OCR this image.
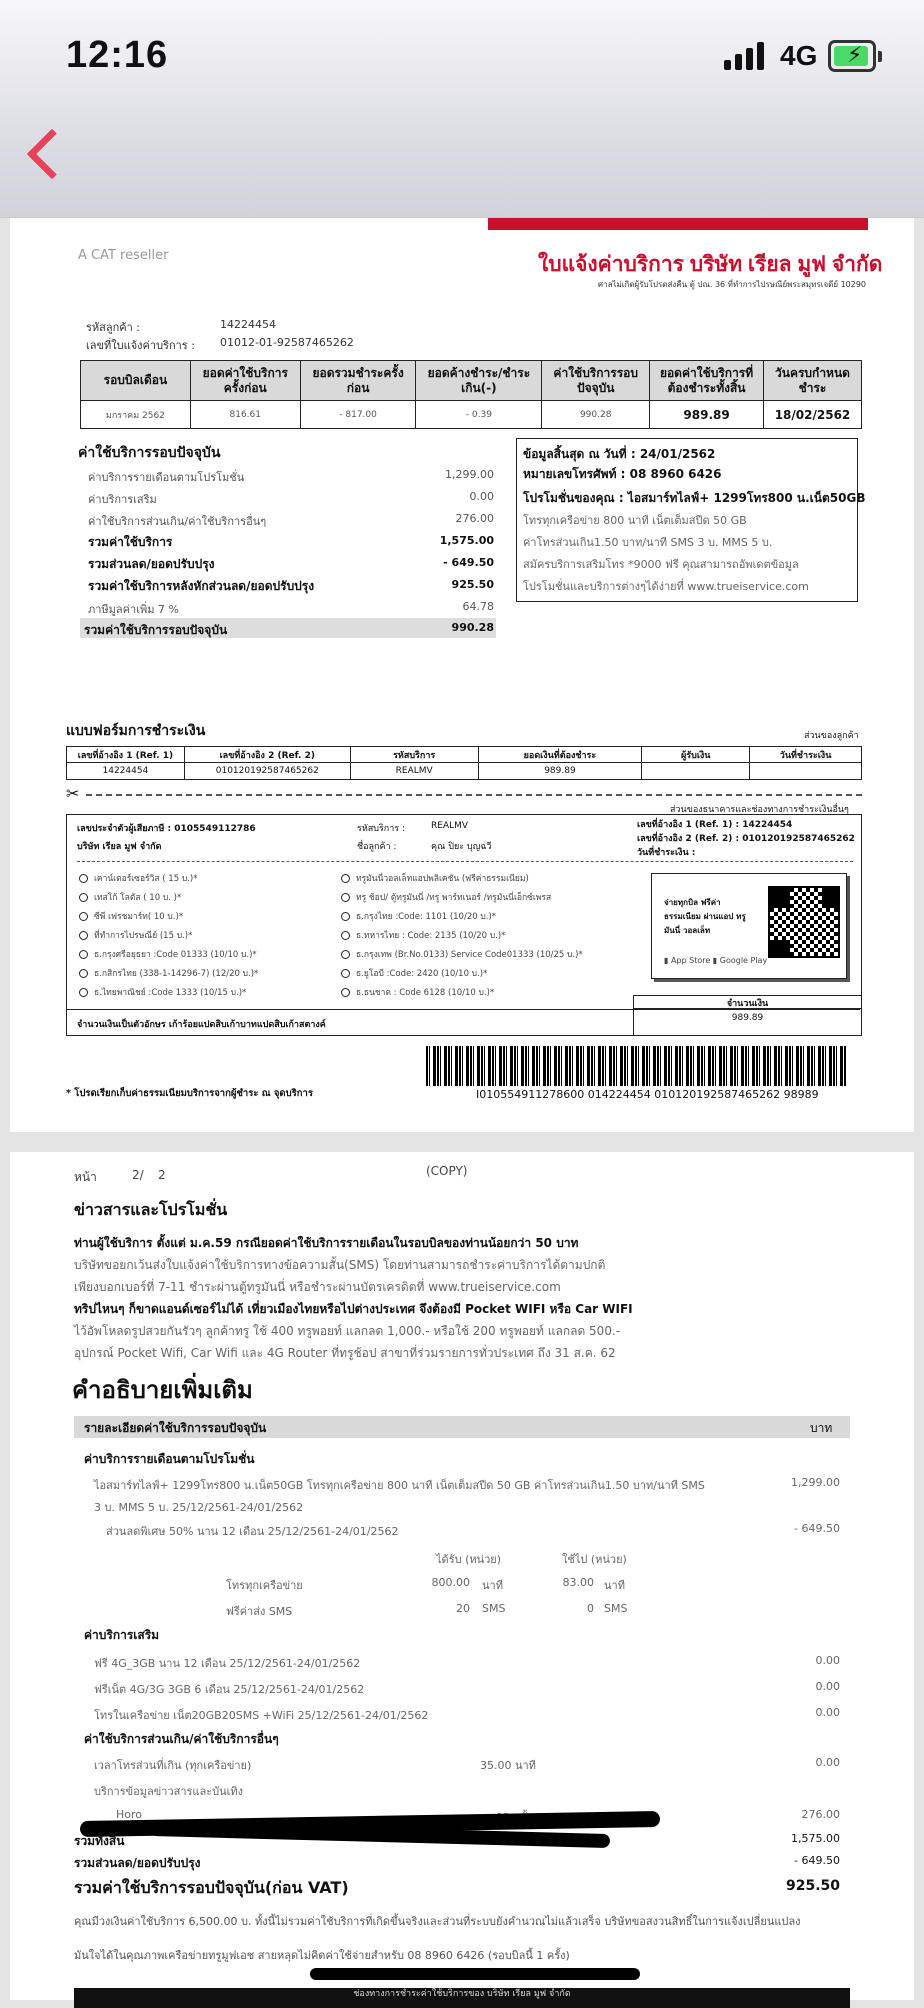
12:16	4G ⚡
A CAT reseller	ใบแจ้งค่าบริการ บริษัท เรียล มูฟ จำกัด
ศาลไม่เกิดผู้รับโปรดส่งคืน ตู้ ปณ. 36 ที่ทำการไปรษณีย์พระสมุทรเจดีย์ 10290
รหัสลูกค้า :	14224454
เลขที่ใบแจ้งค่าบริการ : 01012-01-92587465262
รอบบิลเดือน	ยอดค่าใช้บริการครั้งก่อน	ยอดรวมชำระครั้งก่อน	ยอดค้างชำระ/ชำระเกิน(-)	ค่าใช้บริการรอบปัจจุบัน	ยอดค่าใช้บริการที่ต้องชำระทั้งสิ้น	วันครบกำหนดชำระ
มกราคม 2562	816.61	- 817.00	- 0.39	990.28	989.89	18/02/2562
ค่าใช้บริการรอบปัจจุบัน
ค่าบริการรายเดือนตามโปรโมชั่น	1,299.00
ค่าบริการเสริม	0.00
ค่าใช้บริการส่วนเกิน/ค่าใช้บริการอื่นๆ	276.00
รวมค่าใช้บริการ	1,575.00
รวมส่วนลด/ยอดปรับปรุง	- 649.50
รวมค่าใช้บริการหลังหักส่วนลด/ยอดปรับปรุง	925.50
ภาษีมูลค่าเพิ่ม 7 %	64.78
รวมค่าใช้บริการรอบปัจจุบัน	990.28
ข้อมูลสิ้นสุด ณ วันที่ : 24/01/2562
หมายเลขโทรศัพท์ : 08 8960 6426
โปรโมชั่นของคุณ : ไอสมาร์ทไลฟ์+ 1299โทร800 น.เน็ต50GB
โทรทุกเครือข่าย 800 นาที เน็ตเต็มสปีด 50 GB
ค่าโทรส่วนเกิน1.50 บาท/นาที SMS 3 บ. MMS 5 บ.
สมัครบริการเสริมโทร *9000 ฟรี คุณสามารถอัพเดตข้อมูล
โปรโมชั่นและบริการต่างๆได้ง่ายที่ www.trueiservice.com
แบบฟอร์มการชำระเงิน	ส่วนของลูกค้า
เลขที่อ้างอิง 1 (Ref. 1)	เลขที่อ้างอิง 2 (Ref. 2)	รหัสบริการ	ยอดเงินที่ต้องชำระ	ผู้รับเงิน	วันที่ชำระเงิน
14224454	010120192587465262	REALMV	989.89		
✂
ส่วนของธนาคารและช่องทางการชำระเงินอื่นๆ
เลขประจำตัวผู้เสียภาษี : 0105549112786
บริษัท เรียล มูฟ จำกัด
รหัสบริการ :	REALMV
ชื่อลูกค้า :	คุณ ปิยะ บุญฉวี
เลขที่อ้างอิง 1 (Ref. 1) : 14224454
เลขที่อ้างอิง 2 (Ref. 2) : 010120192587465262
วันที่ชำระเงิน :
เคาน์เตอร์เซอร์วิส ( 15 บ.)*
เทสโก้ โลตัส ( 10 บ. )*
ซีพี เฟรชมาร์ท( 10 บ.)*
ที่ทำการไปรษณีย์ (15 บ.)*
ธ.กรุงศรีอยุธยา :Code 01333 (10/10 บ.)*
ธ.กสิกรไทย (338-1-14296-7) (12/20 บ.)*
ธ.ไทยพาณิชย์ :Code 1333 (10/15 บ.)*
ทรูมันนี่วอลเล็ทแอปพลิเคชัน (ฟรีค่าธรรมเนียม)
ทรู ช้อป/ ตู้ทรูมันนี่ /ทรู พาร์ทเนอร์ /ทรูมันนี่เอ็กซ์เพรส
ธ.กรุงไทย :Code: 1101 (10/20 บ.)*
ธ.ทหารไทย : Code: 2135 (10/20 บ.)*
ธ.กรุงเทพ (Br.No.0133) Service Code01333 (10/25 บ.)*
ธ.ยูโอบี :Code: 2420 (10/10 บ.)*
ธ.ธนชาต : Code 6128 (10/10 บ.)*
จ่ายทุกบิล ฟรีค่าธรรมเนียม ผ่านแอป ทรูมันนี่ วอลเล็ท
▮ App Store ▮ Google Play
จำนวนเงินเป็นตัวอักษร เก้าร้อยแปดสิบเก้าบาทแปดสิบเก้าสตางค์
จำนวนเงิน
989.89
* โปรดเรียกเก็บค่าธรรมเนียมบริการจากผู้ชำระ ณ จุดบริการ	I010554911278600 014224454 010120192587465262 98989
หน้า	2/ 2	(COPY)
ข่าวสารและโปรโมชั่น
ท่านผู้ใช้บริการ ตั้งแต่ ม.ค.59 กรณียอดค่าใช้บริการรายเดือนในรอบบิลของท่านน้อยกว่า 50 บาท
บริษัทขอยกเว้นส่งใบแจ้งค่าใช้บริการทางข้อความสั้น(SMS) โดยท่านสามารถชำระค่าบริการได้ตามปกติ
เพียงบอกเบอร์ที่ 7-11 ชำระผ่านตู้ทรูมันนี่ หรือชำระผ่านบัตรเครดิตที่ www.trueiservice.com
ทริปไหนๆ ก็ขาดแอนด์เซอร์ไม่ได้ เที่ยวเมืองไทยหรือไปต่างประเทศ จึงต้องมี Pocket WIFI หรือ Car WIFI
ไว้อัพโหลดรูปสวยกันรัวๆ ลูกค้าทรู ใช้ 400 ทรูพอยท์ แลกลด 1,000.- หรือใช้ 200 ทรูพอยท์ แลกลด 500.-
อุปกรณ์ Pocket Wifi, Car Wifi และ 4G Router ที่ทรูช้อป สาขาที่ร่วมรายการทั่วประเทศ ถึง 31 ส.ค. 62
คำอธิบายเพิ่มเติม
รายละเอียดค่าใช้บริการรอบปัจจุบัน	บาท
ค่าบริการรายเดือนตามโปรโมชั่น
ไอสมาร์ทไลฟ์+ 1299โทร800 น.เน็ต50GB โทรทุกเครือข่าย 800 นาที เน็ตเต็มสปีด 50 GB ค่าโทรส่วนเกิน1.50 บาท/นาที SMS
3 บ. MMS 5 บ. 25/12/2561-24/01/2562
1,299.00
ส่วนลดพิเศษ 50% นาน 12 เดือน 25/12/2561-24/01/2562	- 649.50
ได้รับ (หน่วย)	ใช้ไป (หน่วย)
โทรทุกเครือข่าย	800.00 นาที	83.00 นาที
ฟรีค่าส่ง SMS	20 SMS	0 SMS
ค่าบริการเสริม
ฟรี 4G_3GB นาน 12 เดือน 25/12/2561-24/01/2562	0.00
ฟรีเน็ต 4G/3G 3GB 6 เดือน 25/12/2561-24/01/2562	0.00
โทรในเครือข่าย เน็ต20GB20SMS +WiFi 25/12/2561-24/01/2562	0.00
ค่าใช้บริการส่วนเกิน/ค่าใช้บริการอื่นๆ
เวลาโทรส่วนที่เกิน (ทุกเครือข่าย)	35.00 นาที	0.00
บริการข้อมูลข่าวสารและบันเทิง
Horo	276.00
รวมทั้งสิ้น	1,575.00
รวมส่วนลด/ยอดปรับปรุง	- 649.50
รวมค่าใช้บริการรอบปัจจุบัน(ก่อน VAT)	925.50
คุณมีวงเงินค่าใช้บริการ 6,500.00 บ. ทั้งนี้ไม่รวมค่าใช้บริการที่เกิดขึ้นจริงและส่วนที่ระบบยังคำนวณไม่แล้วเสร็จ บริษัทขอสงวนสิทธิ์ในการแจ้งเปลี่ยนแปลง
มันใจได้ในคุณภาพเครือข่ายทรูมูฟเอช สายหลุดไม่คิดค่าใช้จ่ายสำหรับ 08 8960 6426 (รอบบิลนี้ 1 ครั้ง)
ช่องทางการชำระค่าใช้บริการของ บริษัท เรียล มูฟ จำกัด
